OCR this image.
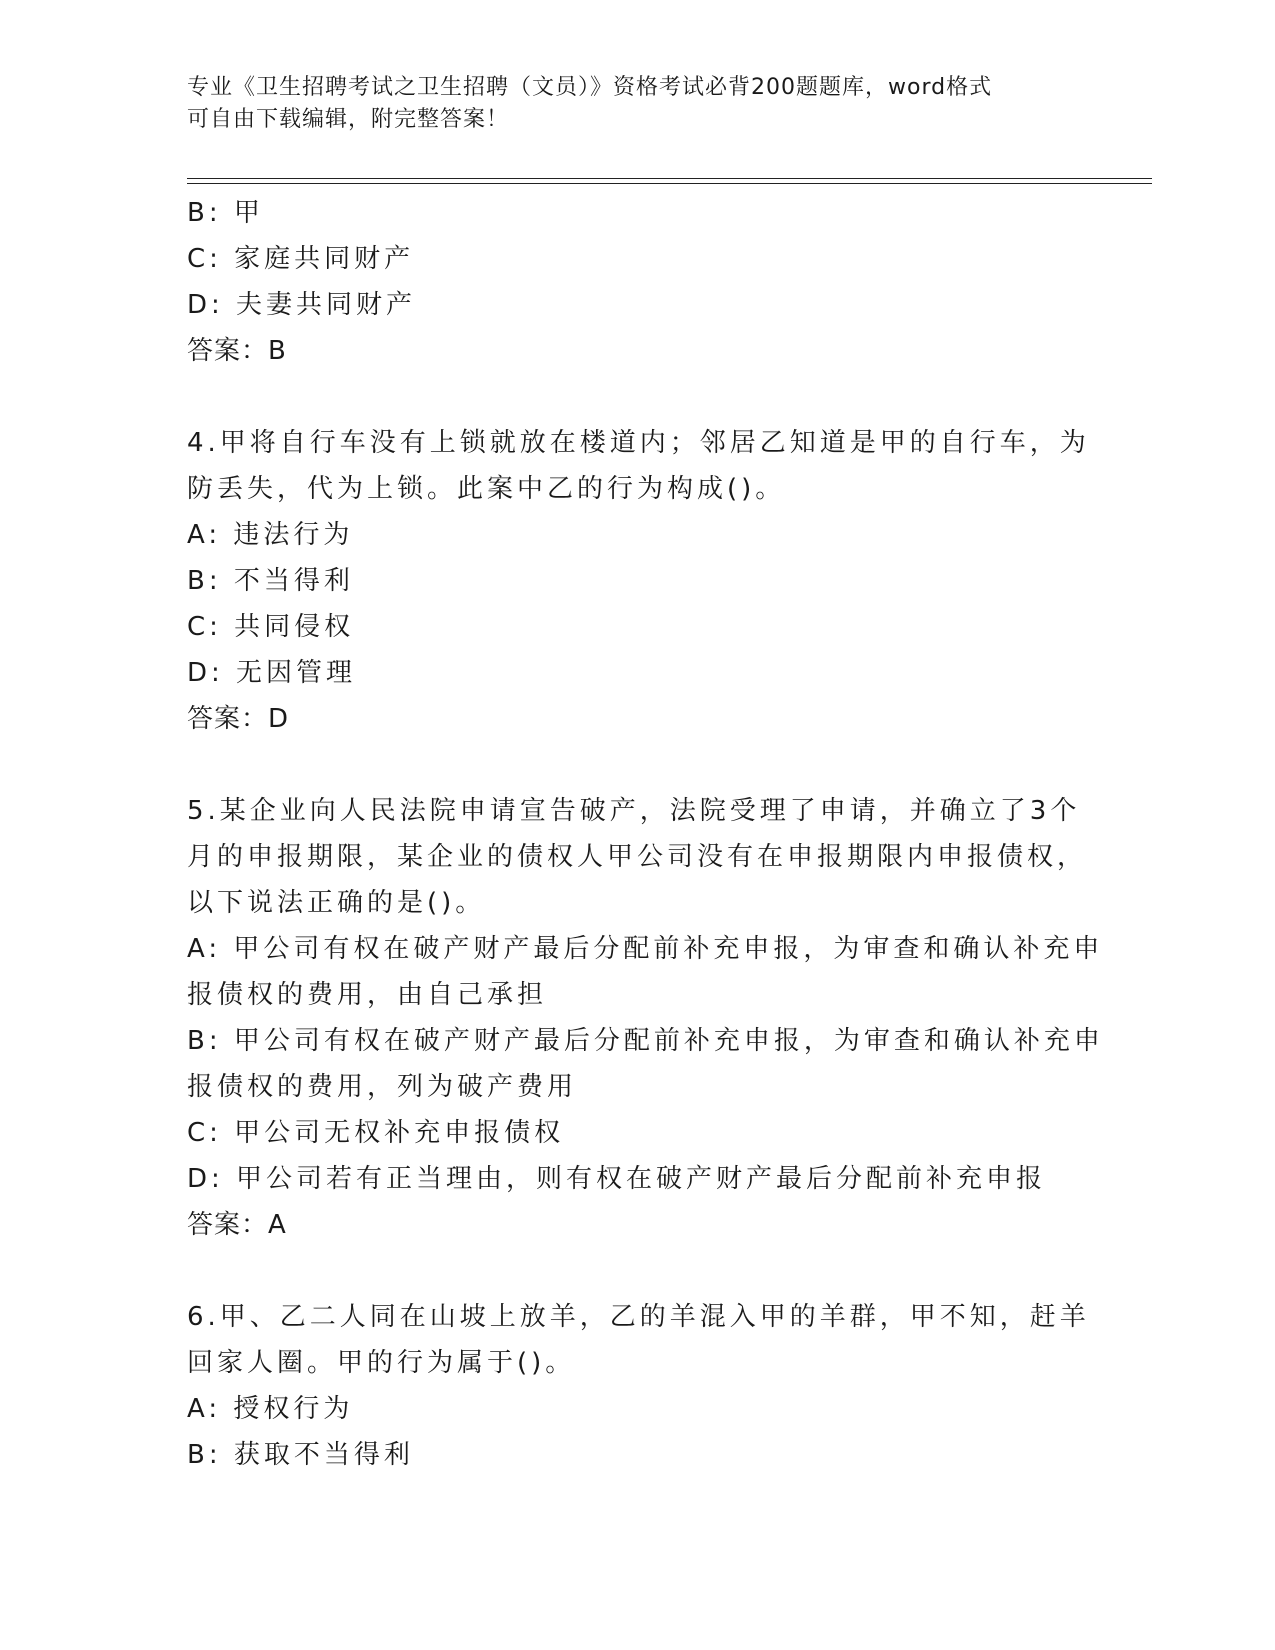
专业《卫生招聘考试之卫生招聘（文员）》资格考试必背200题题库，word格式
可自由下载编辑，附完整答案！
B: 甲
C: 家庭共同财产
D: 夫妻共同财产
答案：B
4.甲将自行车没有上锁就放在楼道内；邻居乙知道是甲的自行车，为
防丢失，代为上锁。此案中乙的行为构成()。
A: 违法行为
B: 不当得利
C: 共同侵权
D: 无因管理
答案：D
5.某企业向人民法院申请宣告破产，法院受理了申请，并确立了3个
月的申报期限，某企业的债权人甲公司没有在申报期限内申报债权，
以下说法正确的是()。
A: 甲公司有权在破产财产最后分配前补充申报，为审查和确认补充申
报债权的费用，由自己承担
B: 甲公司有权在破产财产最后分配前补充申报，为审查和确认补充申
报债权的费用，列为破产费用
C: 甲公司无权补充申报债权
D: 甲公司若有正当理由，则有权在破产财产最后分配前补充申报
答案：A
6.甲、乙二人同在山坡上放羊，乙的羊混入甲的羊群，甲不知，赶羊
回家人圈。甲的行为属于()。
A: 授权行为
B: 获取不当得利
